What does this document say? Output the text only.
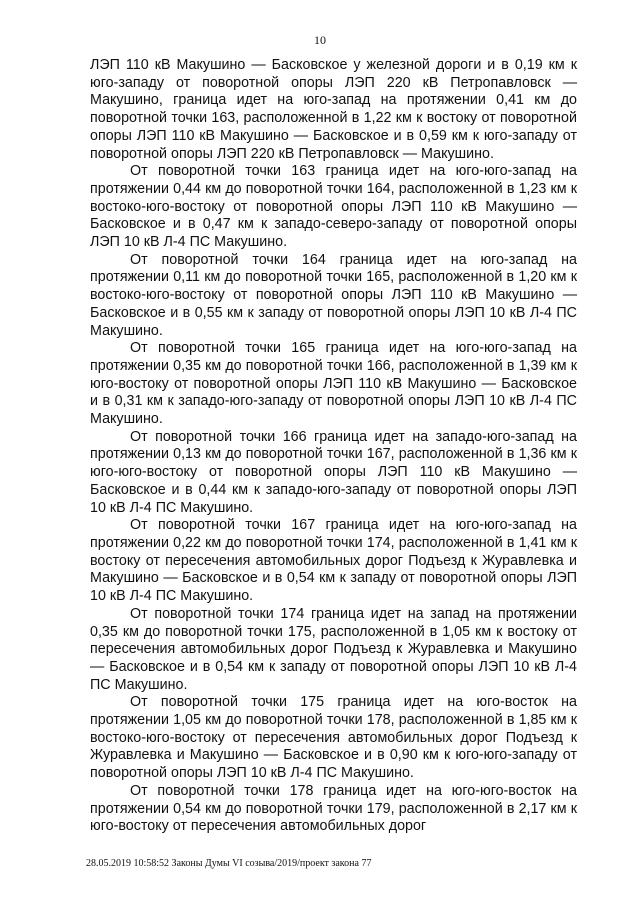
10

ЛЭП 110 кВ Макушино — Басковское у железной дороги и в 0,19 км к юго-западу от поворотной опоры ЛЭП 220 кВ Петропавловск — Макушино, граница идет на юго-запад на протяжении 0,41 км до поворотной точки 163, расположенной в 1,22 км к востоку от поворотной опоры ЛЭП 110 кВ Макушино — Басковское и в 0,59 км к юго-западу от поворотной опоры ЛЭП 220 кВ Петропавловск — Макушино.

От поворотной точки 163 граница идет на юго-юго-запад на протяжении 0,44 км до поворотной точки 164, расположенной в 1,23 км к востоко-юго-востоку от поворотной опоры ЛЭП 110 кВ Макушино — Басковское и в 0,47 км к западо-северо-западу от поворотной опоры ЛЭП 10 кВ Л-4 ПС Макушино.

От поворотной точки 164 граница идет на юго-запад на протяжении 0,11 км до поворотной точки 165, расположенной в 1,20 км к востоко-юго-востоку от поворотной опоры ЛЭП 110 кВ Макушино — Басковское и в 0,55 км к западу от поворотной опоры ЛЭП 10 кВ Л-4 ПС Макушино.

От поворотной точки 165 граница идет на юго-юго-запад на протяжении 0,35 км до поворотной точки 166, расположенной в 1,39 км к юго-востоку от поворотной опоры ЛЭП 110 кВ Макушино — Басковское и в 0,31 км к западо-юго-западу от поворотной опоры ЛЭП 10 кВ Л-4 ПС Макушино.

От поворотной точки 166 граница идет на западо-юго-запад на протяжении 0,13 км до поворотной точки 167, расположенной в 1,36 км к юго-юго-востоку от поворотной опоры ЛЭП 110 кВ Макушино — Басковское и в 0,44 км к западо-юго-западу от поворотной опоры ЛЭП 10 кВ Л-4 ПС Макушино.

От поворотной точки 167 граница идет на юго-юго-запад на протяжении 0,22 км до поворотной точки 174, расположенной в 1,41 км к востоку от пересечения автомобильных дорог Подъезд к Журавлевка и Макушино — Басковское и в 0,54 км к западу от поворотной опоры ЛЭП 10 кВ Л-4 ПС Макушино.

От поворотной точки 174 граница идет на запад на протяжении 0,35 км до поворотной точки 175, расположенной в 1,05 км к востоку от пересечения автомобильных дорог Подъезд к Журавлевка и Макушино — Басковское и в 0,54 км к западу от поворотной опоры ЛЭП 10 кВ Л-4 ПС Макушино.

От поворотной точки 175 граница идет на юго-восток на протяжении 1,05 км до поворотной точки 178, расположенной в 1,85 км к востоко-юго-востоку от пересечения автомобильных дорог Подъезд к Журавлевка и Макушино — Басковское и в 0,90 км к юго-юго-западу от поворотной опоры ЛЭП 10 кВ Л-4 ПС Макушино.

От поворотной точки 178 граница идет на юго-юго-восток на протяжении 0,54 км до поворотной точки 179, расположенной в 2,17 км к юго-востоку от пересечения автомобильных дорог

28.05.2019 10:58:52 Законы Думы VI созыва/2019/проект закона 77
